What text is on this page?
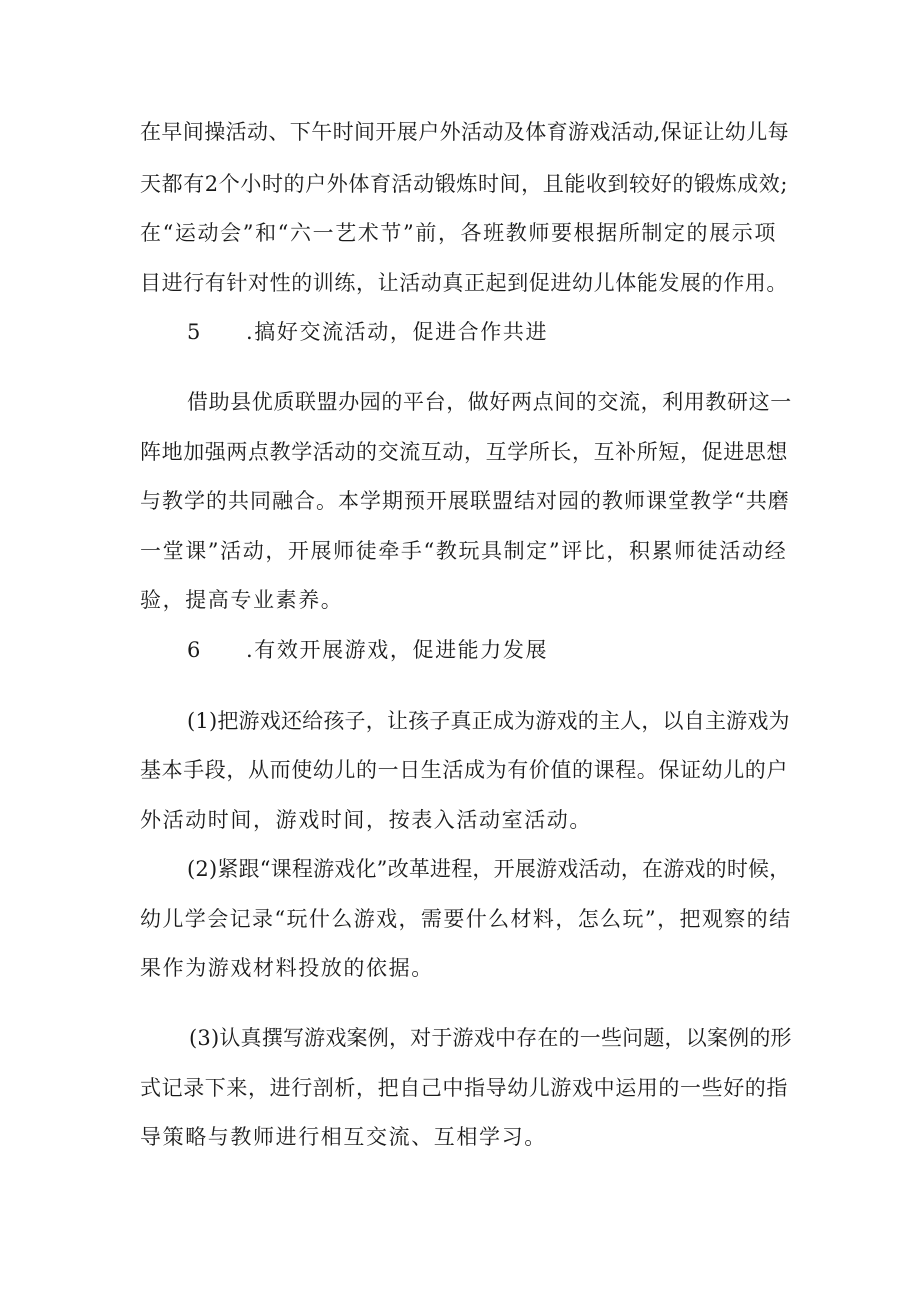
在早间操活动、下午时间开展户外活动及体育游戏活动,保证让幼儿每
天都有2个小时的户外体育活动锻炼时间，且能收到较好的锻炼成效;
在“运动会”和“六一艺术节”前，各班教师要根据所制定的展示项
目进行有针对性的训练，让活动真正起到促进幼儿体能发展的作用。
5 .搞好交流活动，促进合作共进
借助县优质联盟办园的平台，做好两点间的交流，利用教研这一
阵地加强两点教学活动的交流互动，互学所长，互补所短，促进思想
与教学的共同融合。本学期预开展联盟结对园的教师课堂教学“共磨
一堂课”活动，开展师徒牵手“教玩具制定”评比，积累师徒活动经
验，提高专业素养。
6 .有效开展游戏，促进能力发展
(1)把游戏还给孩子，让孩子真正成为游戏的主人，以自主游戏为
基本手段，从而使幼儿的一日生活成为有价值的课程。保证幼儿的户
外活动时间，游戏时间，按表入活动室活动。
(2)紧跟“课程游戏化”改革进程，开展游戏活动，在游戏的时候，
幼儿学会记录“玩什么游戏，需要什么材料，怎么玩”，把观察的结
果作为游戏材料投放的依据。
(3)认真撰写游戏案例，对于游戏中存在的一些问题，以案例的形
式记录下来，进行剖析，把自己中指导幼儿游戏中运用的一些好的指
导策略与教师进行相互交流、互相学习。
